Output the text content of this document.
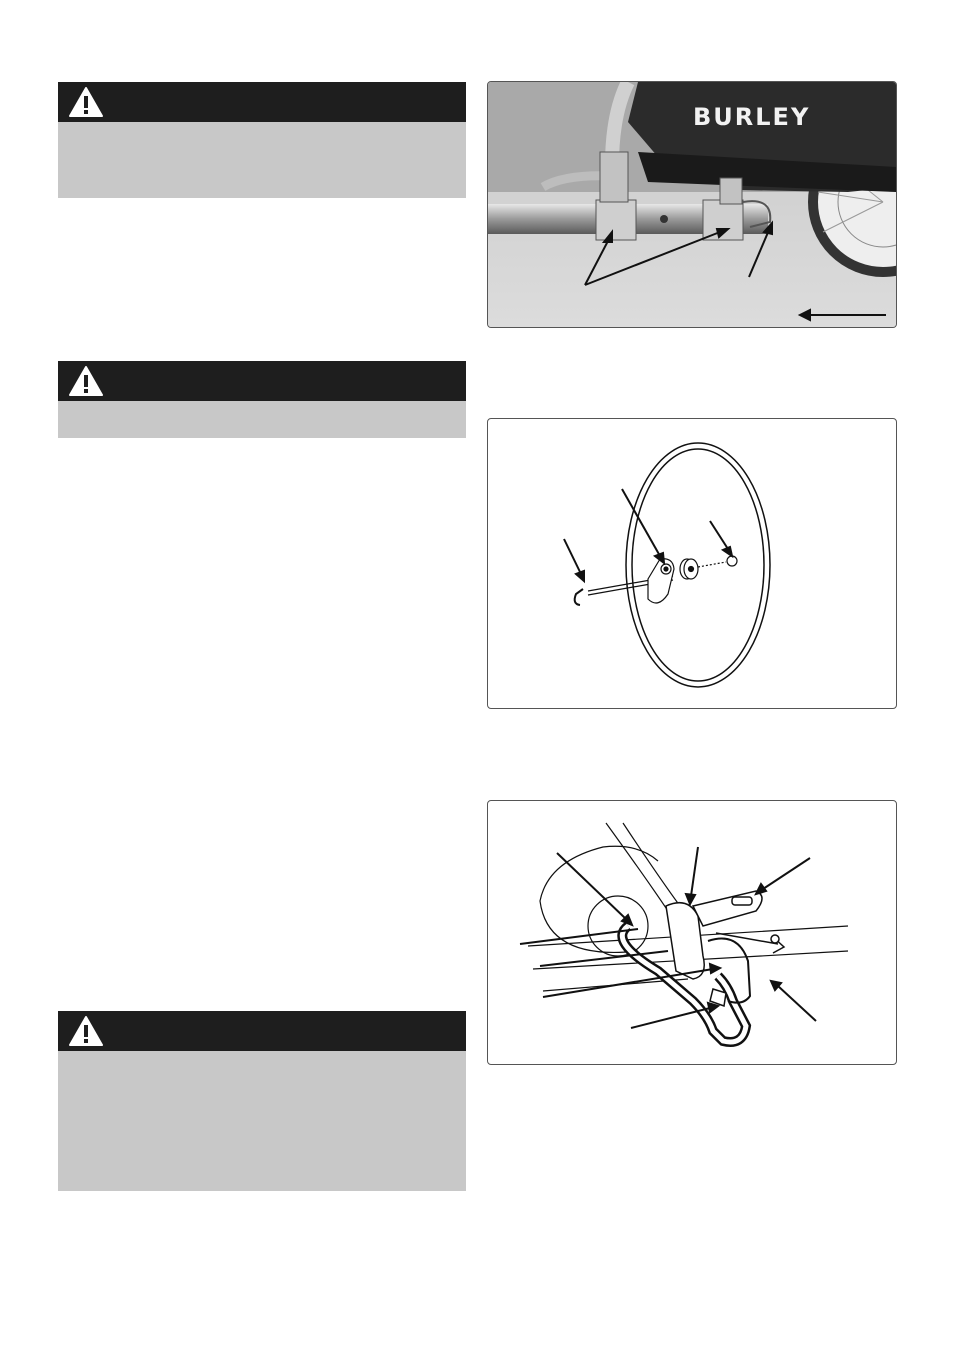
BURLEY
